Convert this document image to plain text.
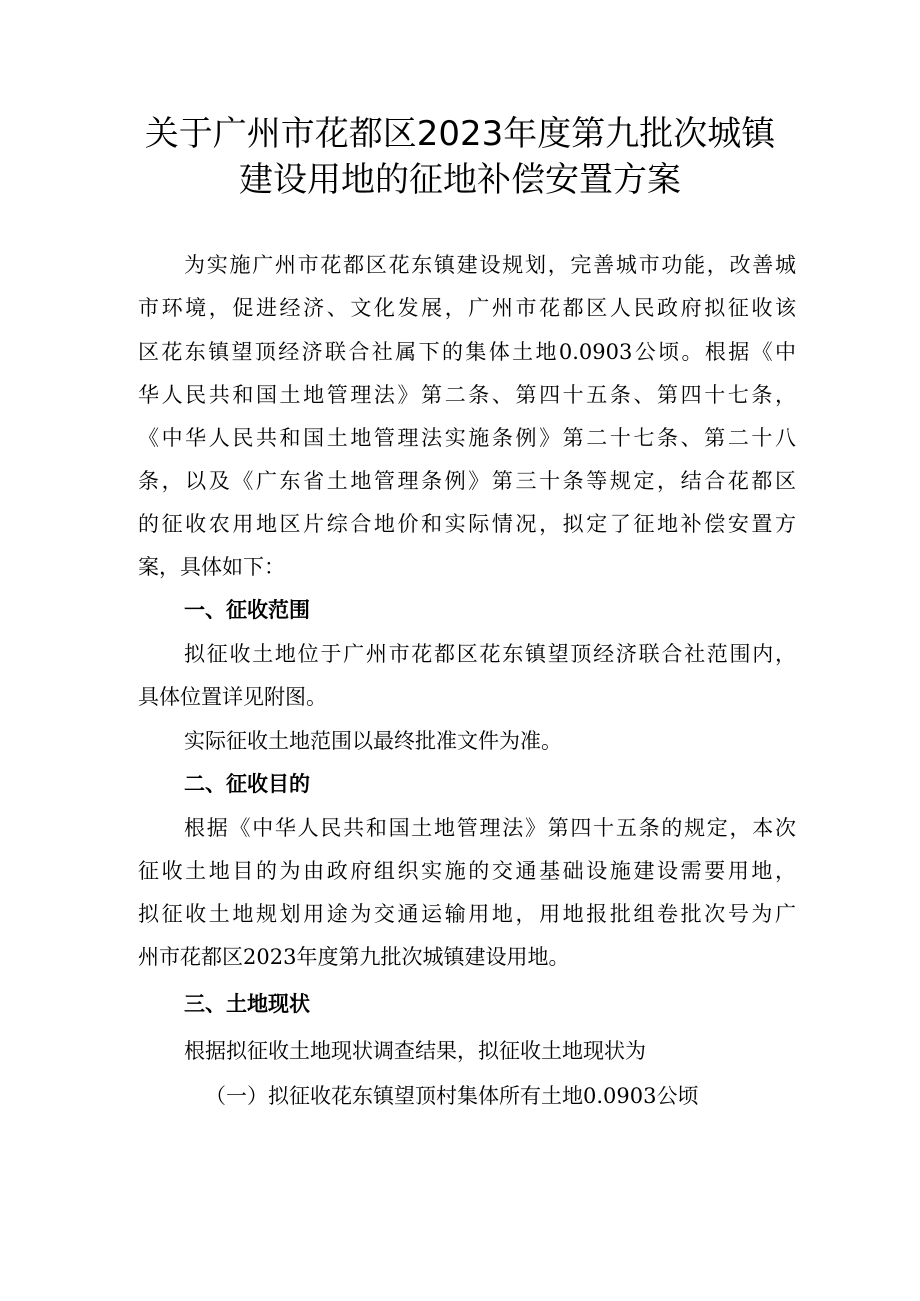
关于广州市花都区2023年度第九批次城镇
建设用地的征地补偿安置方案

为实施广州市花都区花东镇建设规划，完善城市功能，改善城

市环境，促进经济、文化发展，广州市花都区人民政府拟征收该

区花东镇望顶经济联合社属下的集体土地0.0903公顷。根据《中

华人民共和国土地管理法》第二条、第四十五条、第四十七条，

《中华人民共和国土地管理法实施条例》第二十七条、第二十八

条，以及《广东省土地管理条例》第三十条等规定，结合花都区

的征收农用地区片综合地价和实际情况，拟定了征地补偿安置方

案，具体如下：

一、征收范围

拟征收土地位于广州市花都区花东镇望顶经济联合社范围内，

具体位置详见附图。

实际征收土地范围以最终批准文件为准。

二、征收目的

根据《中华人民共和国土地管理法》第四十五条的规定，本次

征收土地目的为由政府组织实施的交通基础设施建设需要用地，

拟征收土地规划用途为交通运输用地，用地报批组卷批次号为广

州市花都区2023年度第九批次城镇建设用地。

三、土地现状

根据拟征收土地现状调查结果，拟征收土地现状为

（一）拟征收花东镇望顶村集体所有土地0.0903公顷
